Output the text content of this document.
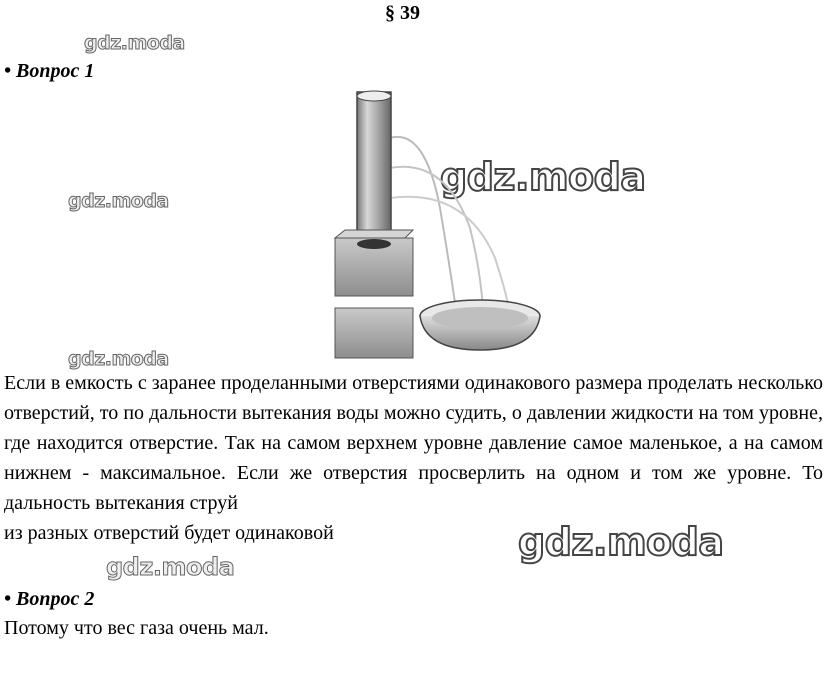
§ 39
gdz.moda
• Вопрос 1
gdz.moda
gdz.moda
gdz.moda
Если в емкость с заранее проделанными отверстиями одинакового размера проделать несколько отверстий, то по дальности вытекания воды можно судить, о давлении жидкости на том уровне, где находится отверстие. Так на самом верхнем уровне давление самое маленькое, а на самом нижнем - максимальное. Если же отверстия просверлить на одном и том же уровне. То дальность вытекания струй
из разных отверстий будет одинаковой	gdz.moda
gdz.moda
• Вопрос 2
Потому что вес газа очень мал.
